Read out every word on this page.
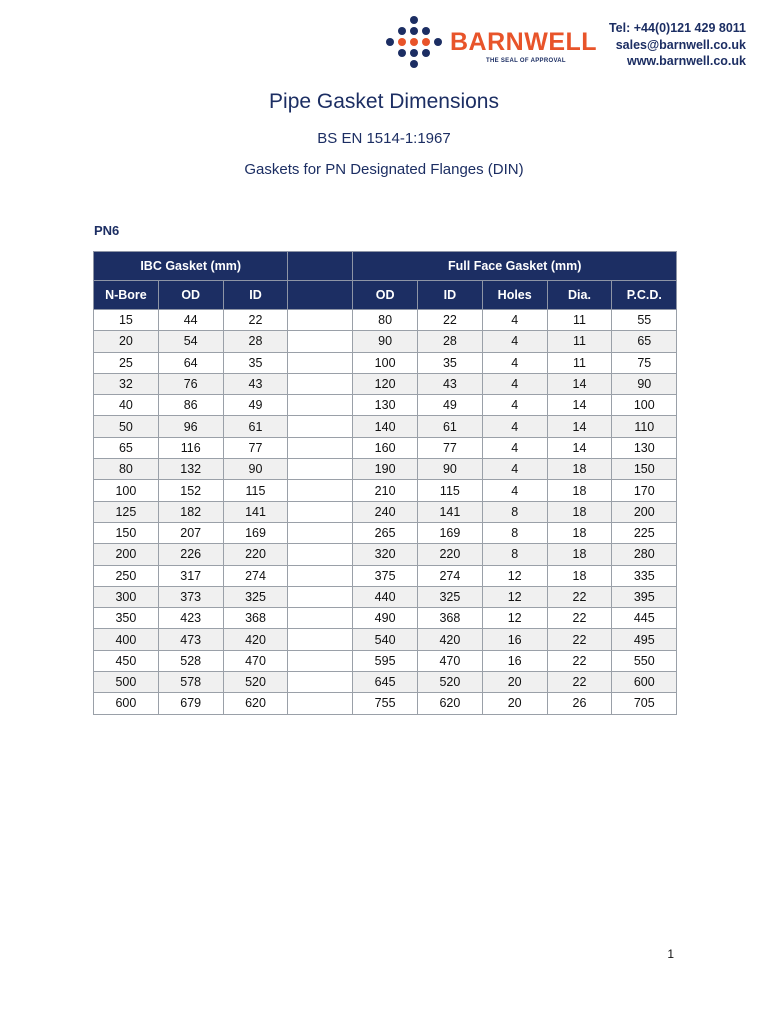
BARNWELL
THE SEAL OF APPROVAL
Tel: +44(0)121 429 8011
sales@barnwell.co.uk
www.barnwell.co.uk
Pipe Gasket Dimensions
BS EN 1514-1:1967
Gaskets for PN Designated Flanges (DIN)
PN6
IBC Gasket (mm)				Full Face Gasket (mm)				
N-Bore	OD	ID		OD	ID	Holes	Dia.	P.C.D.
15	44	22		80	22	4	11	55
20	54	28		90	28	4	11	65
25	64	35		100	35	4	11	75
32	76	43		120	43	4	14	90
40	86	49		130	49	4	14	100
50	96	61		140	61	4	14	110
65	116	77		160	77	4	14	130
80	132	90		190	90	4	18	150
100	152	115		210	115	4	18	170
125	182	141		240	141	8	18	200
150	207	169		265	169	8	18	225
200	226	220		320	220	8	18	280
250	317	274		375	274	12	18	335
300	373	325		440	325	12	22	395
350	423	368		490	368	12	22	445
400	473	420		540	420	16	22	495
450	528	470		595	470	16	22	550
500	578	520		645	520	20	22	600
600	679	620		755	620	20	26	705
1
